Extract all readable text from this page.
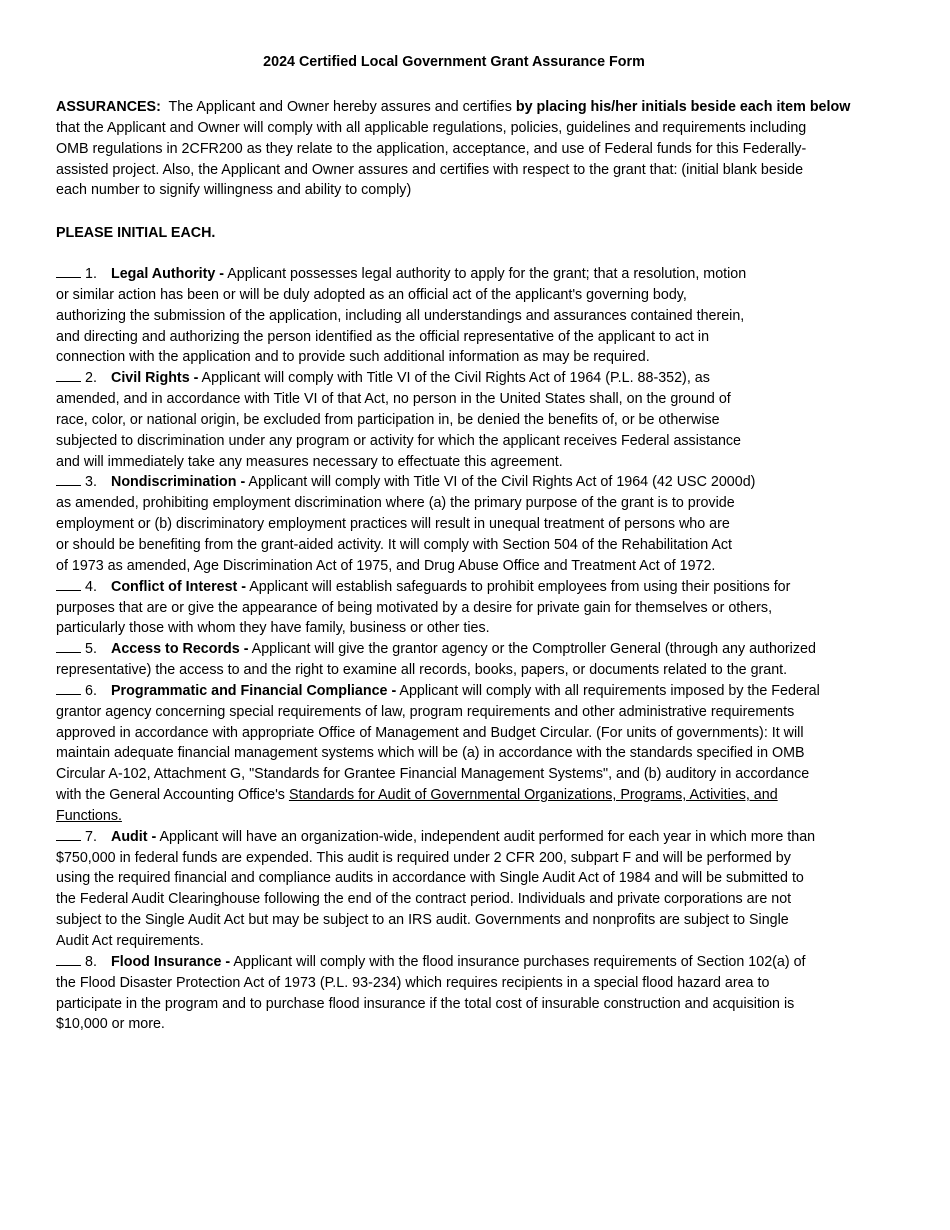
2024 Certified Local Government Grant Assurance Form

ASSURANCES:  The Applicant and Owner hereby assures and certifies by placing his/her initials beside each item below
that the Applicant and Owner will comply with all applicable regulations, policies, guidelines and requirements including
OMB regulations in 2CFR200 as they relate to the application, acceptance, and use of Federal funds for this Federally-
assisted project. Also, the Applicant and Owner assures and certifies with respect to the grant that: (initial blank beside
each number to signify willingness and ability to comply)

PLEASE INITIAL EACH.

1. Legal Authority - Applicant possesses legal authority to apply for the grant; that a resolution, motion
or similar action has been or will be duly adopted as an official act of the applicant's governing body,
authorizing the submission of the application, including all understandings and assurances contained therein,
and directing and authorizing the person identified as the official representative of the applicant to act in
connection with the application and to provide such additional information as may be required.
2. Civil Rights - Applicant will comply with Title VI of the Civil Rights Act of 1964 (P.L. 88-352), as
amended, and in accordance with Title VI of that Act, no person in the United States shall, on the ground of
race, color, or national origin, be excluded from participation in, be denied the benefits of, or be otherwise
subjected to discrimination under any program or activity for which the applicant receives Federal assistance
and will immediately take any measures necessary to effectuate this agreement.
3. Nondiscrimination - Applicant will comply with Title VI of the Civil Rights Act of 1964 (42 USC 2000d)
as amended, prohibiting employment discrimination where (a) the primary purpose of the grant is to provide
employment or (b) discriminatory employment practices will result in unequal treatment of persons who are
or should be benefiting from the grant-aided activity. It will comply with Section 504 of the Rehabilitation Act
of 1973 as amended, Age Discrimination Act of 1975, and Drug Abuse Office and Treatment Act of 1972.
4. Conflict of Interest - Applicant will establish safeguards to prohibit employees from using their positions for
purposes that are or give the appearance of being motivated by a desire for private gain for themselves or others,
particularly those with whom they have family, business or other ties.
5. Access to Records - Applicant will give the grantor agency or the Comptroller General (through any authorized
representative) the access to and the right to examine all records, books, papers, or documents related to the grant.
6. Programmatic and Financial Compliance - Applicant will comply with all requirements imposed by the Federal
grantor agency concerning special requirements of law, program requirements and other administrative requirements
approved in accordance with appropriate Office of Management and Budget Circular. (For units of governments): It will
maintain adequate financial management systems which will be (a) in accordance with the standards specified in OMB
Circular A-102, Attachment G, "Standards for Grantee Financial Management Systems", and (b) auditory in accordance
with the General Accounting Office's Standards for Audit of Governmental Organizations, Programs, Activities, and
Functions.
7. Audit - Applicant will have an organization-wide, independent audit performed for each year in which more than
$750,000 in federal funds are expended. This audit is required under 2 CFR 200, subpart F and will be performed by
using the required financial and compliance audits in accordance with Single Audit Act of 1984 and will be submitted to
the Federal Audit Clearinghouse following the end of the contract period. Individuals and private corporations are not
subject to the Single Audit Act but may be subject to an IRS audit. Governments and nonprofits are subject to Single
Audit Act requirements.
8. Flood Insurance - Applicant will comply with the flood insurance purchases requirements of Section 102(a) of
the Flood Disaster Protection Act of 1973 (P.L. 93-234) which requires recipients in a special flood hazard area to
participate in the program and to purchase flood insurance if the total cost of insurable construction and acquisition is
$10,000 or more.
